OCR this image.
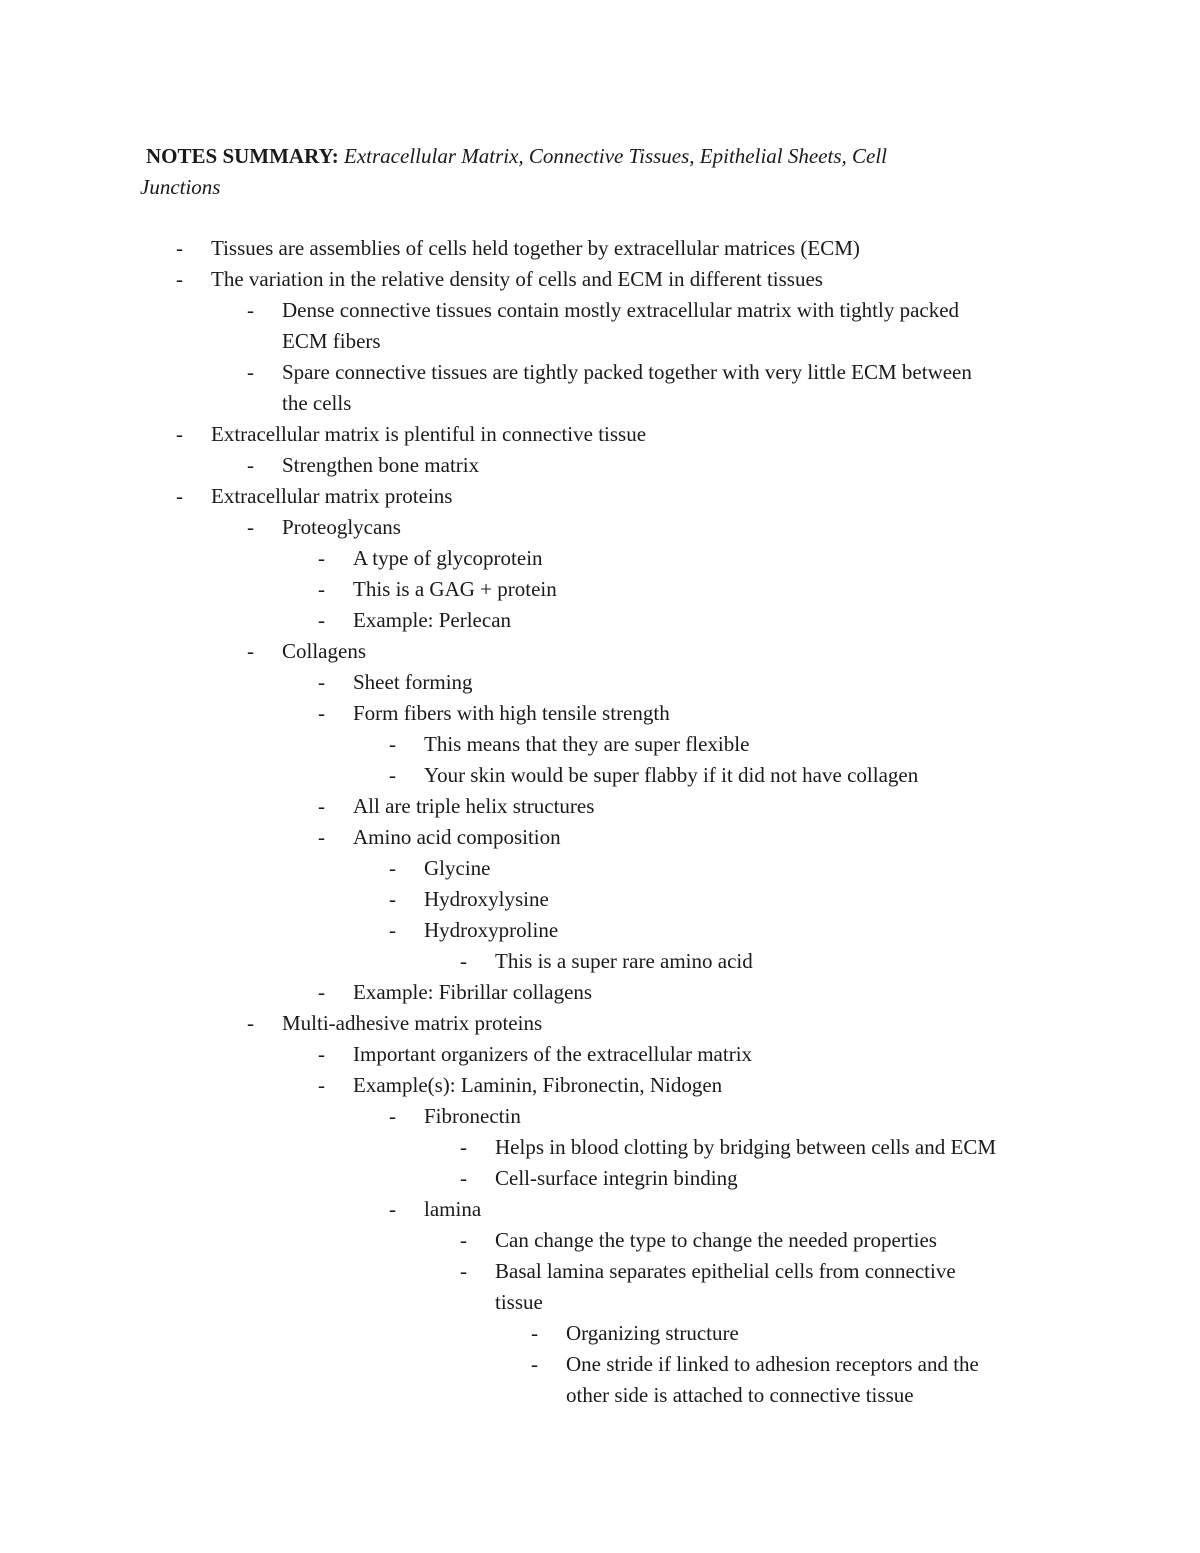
NOTES SUMMARY: Extracellular Matrix, Connective Tissues, Epithelial Sheets, Cell
Junctions

-	Tissues are assemblies of cells held together by extracellular matrices (ECM)
-	The variation in the relative density of cells and ECM in different tissues
-	Dense connective tissues contain mostly extracellular matrix with tightly packed
ECM fibers
-	Spare connective tissues are tightly packed together with very little ECM between
the cells
-	Extracellular matrix is plentiful in connective tissue
-	Strengthen bone matrix
-	Extracellular matrix proteins
-	Proteoglycans
-	A type of glycoprotein
-	This is a GAG + protein
-	Example: Perlecan
-	Collagens
-	Sheet forming
-	Form fibers with high tensile strength
-	This means that they are super flexible
-	Your skin would be super flabby if it did not have collagen
-	All are triple helix structures
-	Amino acid composition
-	Glycine
-	Hydroxylysine
-	Hydroxyproline
-	This is a super rare amino acid
-	Example: Fibrillar collagens
-	Multi-adhesive matrix proteins
-	Important organizers of the extracellular matrix
-	Example(s): Laminin, Fibronectin, Nidogen
-	Fibronectin
-	Helps in blood clotting by bridging between cells and ECM
-	Cell-surface integrin binding
-	lamina
-	Can change the type to change the needed properties
-	Basal lamina separates epithelial cells from connective
tissue
-	Organizing structure
-	One stride if linked to adhesion receptors and the
other side is attached to connective tissue
